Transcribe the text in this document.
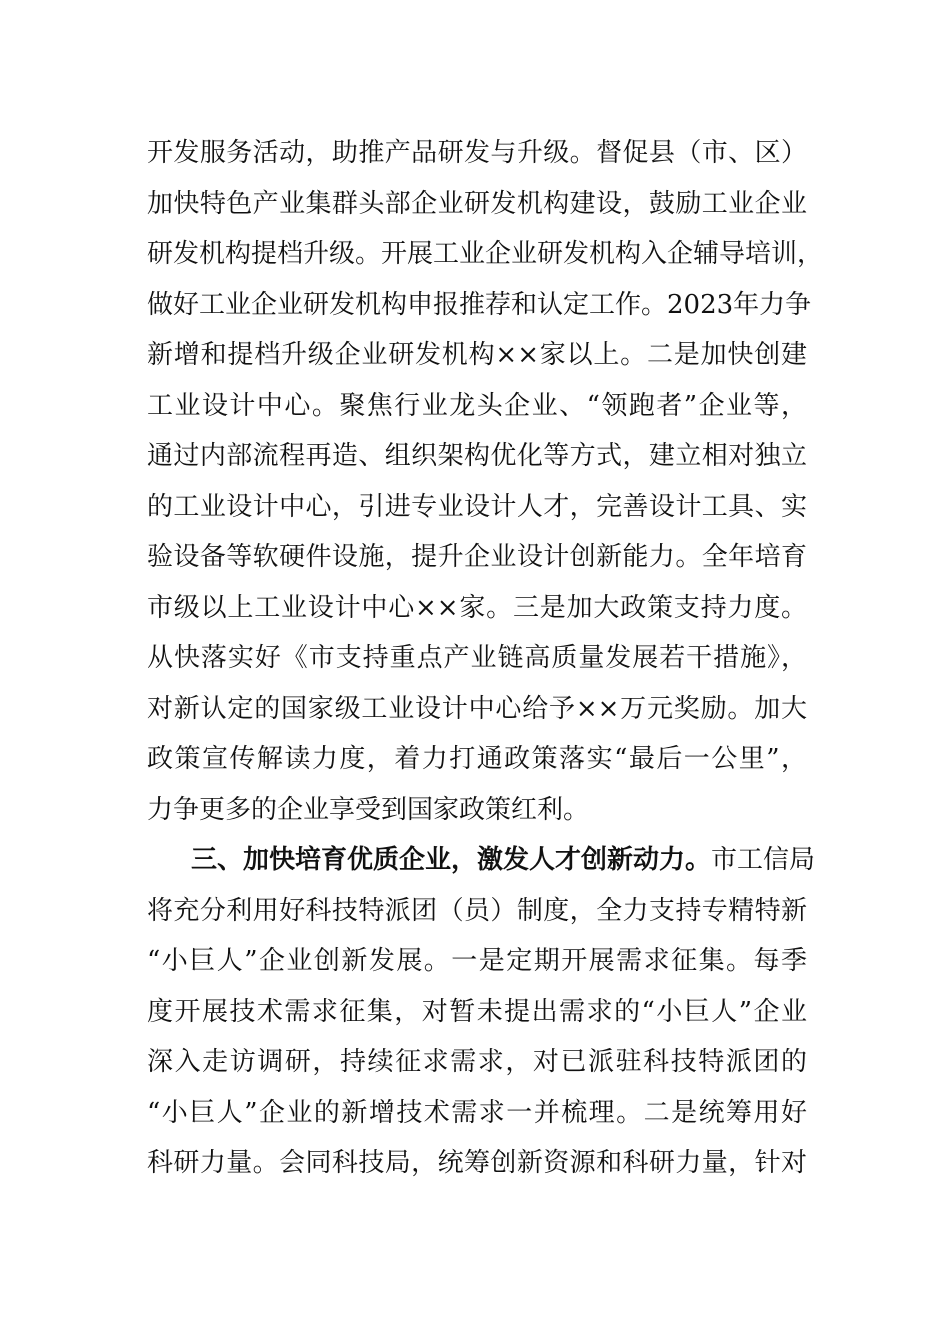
开发服务活动，助推产品研发与升级。督促县（市、区）
加快特色产业集群头部企业研发机构建设，鼓励工业企业
研发机构提档升级。开展工业企业研发机构入企辅导培训，
做好工业企业研发机构申报推荐和认定工作。2023年力争
新增和提档升级企业研发机构××家以上。二是加快创建
工业设计中心。聚焦行业龙头企业、“领跑者”企业等，
通过内部流程再造、组织架构优化等方式，建立相对独立
的工业设计中心，引进专业设计人才，完善设计工具、实
验设备等软硬件设施，提升企业设计创新能力。全年培育
市级以上工业设计中心××家。三是加大政策支持力度。
从快落实好《市支持重点产业链高质量发展若干措施》，
对新认定的国家级工业设计中心给予××万元奖励。加大
政策宣传解读力度，着力打通政策落实“最后一公里”，
力争更多的企业享受到国家政策红利。
三、加快培育优质企业，激发人才创新动力。市工信局
将充分利用好科技特派团（员）制度，全力支持专精特新
“小巨人”企业创新发展。一是定期开展需求征集。每季
度开展技术需求征集，对暂未提出需求的“小巨人”企业
深入走访调研，持续征求需求，对已派驻科技特派团的
“小巨人”企业的新增技术需求一并梳理。二是统筹用好
科研力量。会同科技局，统筹创新资源和科研力量，针对
